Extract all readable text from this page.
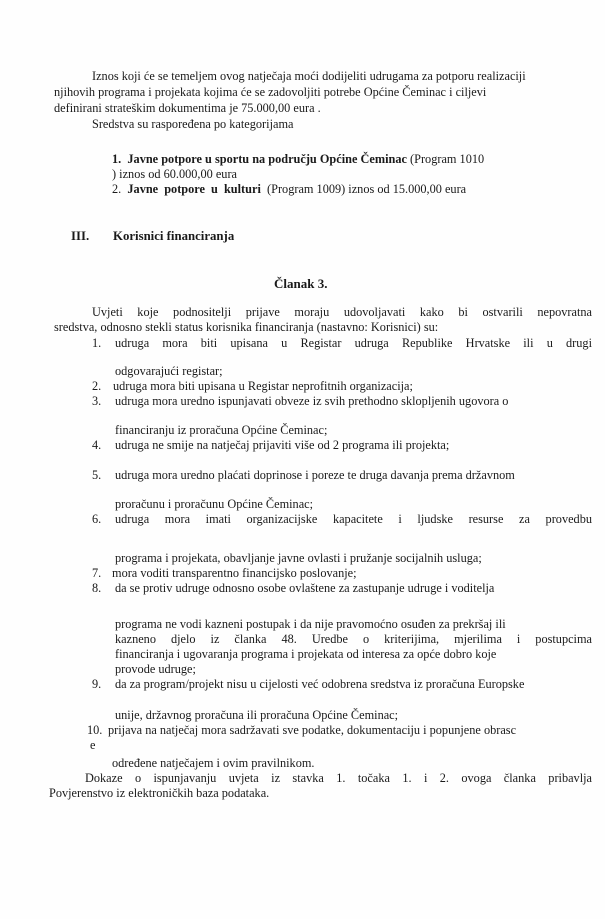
Iznos koji će se temeljem ovog natječaja moći dodijeliti udrugama za potporu realizaciji
njihovih programa i projekata kojima će se zadovoljiti potrebe Općine Čeminac i ciljevi
definirani strateškim dokumentima je 75.000,00 eura .
Sredstva su raspoređena po kategorijama
1. Javne potpore u sportu na području Općine Čeminac (Program 1010
) iznos od 60.000,00 eura
2. Javne potpore u kulturi (Program 1009) iznos od 15.000,00 eura
III. Korisnici financiranja
Članak 3.
Uvjeti koje podnositelji prijave moraju udovoljavati kako bi ostvarili nepovratna
sredstva, odnosno stekli status korisnika financiranja (nastavno: Korisnici) su:
1. udruga mora biti upisana u Registar udruga Republike Hrvatske ili u drugi
odgovarajući registar;
2. udruga mora biti upisana u Registar neprofitnih organizacija;
3. udruga mora uredno ispunjavati obveze iz svih prethodno sklopljenih ugovora o
financiranju iz proračuna Općine Čeminac;
4. udruga ne smije na natječaj prijaviti više od 2 programa ili projekta;
5. udruga mora uredno plaćati doprinose i poreze te druga davanja prema državnom
proračunu i proračunu Općine Čeminac;
6. udruga mora imati organizacijske kapacitete i ljudske resurse za provedbu
programa i projekata, obavljanje javne ovlasti i pružanje socijalnih usluga;
7. mora voditi transparentno financijsko poslovanje;
8. da se protiv udruge odnosno osobe ovlaštene za zastupanje udruge i voditelja
programa ne vodi kazneni postupak i da nije pravomoćno osuđen za prekršaj ili
kazneno djelo iz članka 48. Uredbe o kriterijima, mjerilima i postupcima
financiranja i ugovaranja programa i projekata od interesa za opće dobro koje
provode udruge;
9. da za program/projekt nisu u cijelosti već odobrena sredstva iz proračuna Europske
unije, državnog proračuna ili proračuna Općine Čeminac;
10. prijava na natječaj mora sadržavati sve podatke, dokumentaciju i popunjene obrasc
e
određene natječajem i ovim pravilnikom.
Dokaze o ispunjavanju uvjeta iz stavka 1. točaka 1. i 2. ovoga članka pribavlja
Povjerenstvo iz elektroničkih baza podataka.
